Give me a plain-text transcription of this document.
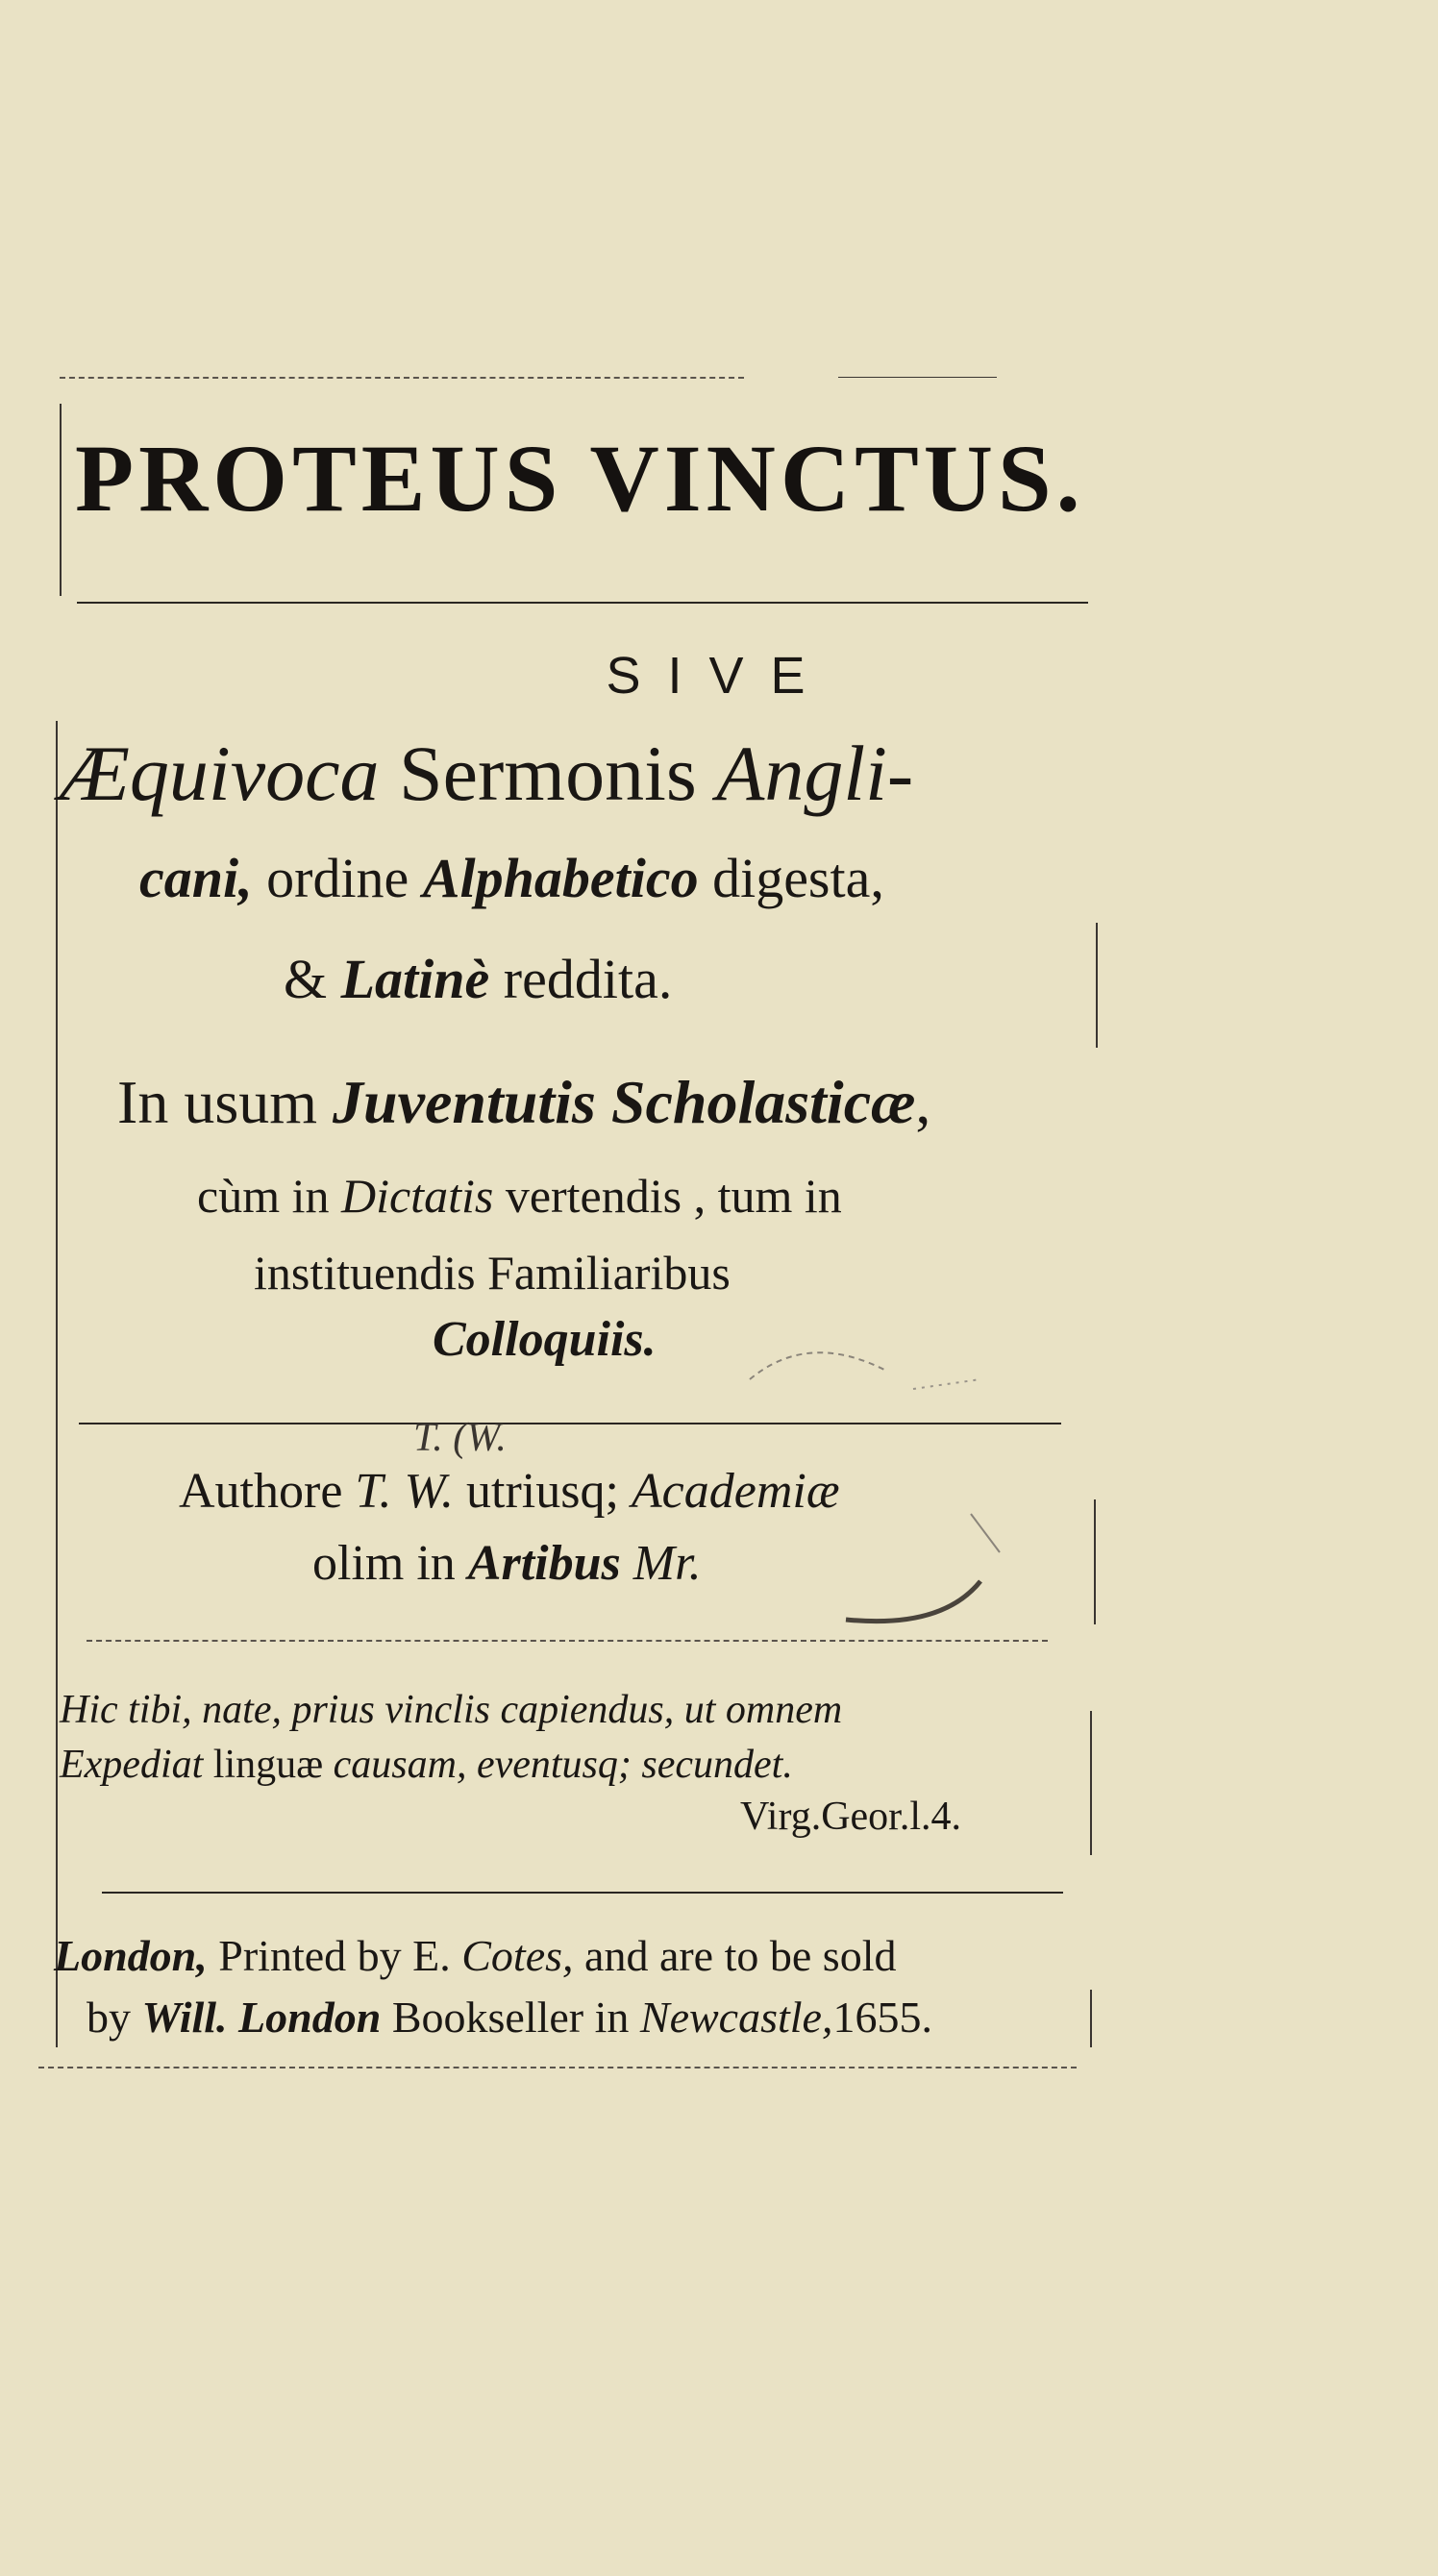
PROTEUS VINCTUS.
SIVE
Æquivoca Sermonis Angli-
cani, ordine Alphabetico digesta,
& Latinè reddita.
In usum Juventutis Scholasticæ,
cùm in Dictatis vertendis , tum in
instituendis Familiaribus
Colloquiis.
T. (W.
Authore T. W. utriusq; Academiæ
olim in Artibus Mr.
Hic tibi, nate, prius vinclis capiendus, ut omnem
Expediat linguæ causam, eventusq; secundet.
Virg.Geor.l.4.
London, Printed by E. Cotes, and are to be sold
by Will. London Bookseller in Newcastle,1655.
